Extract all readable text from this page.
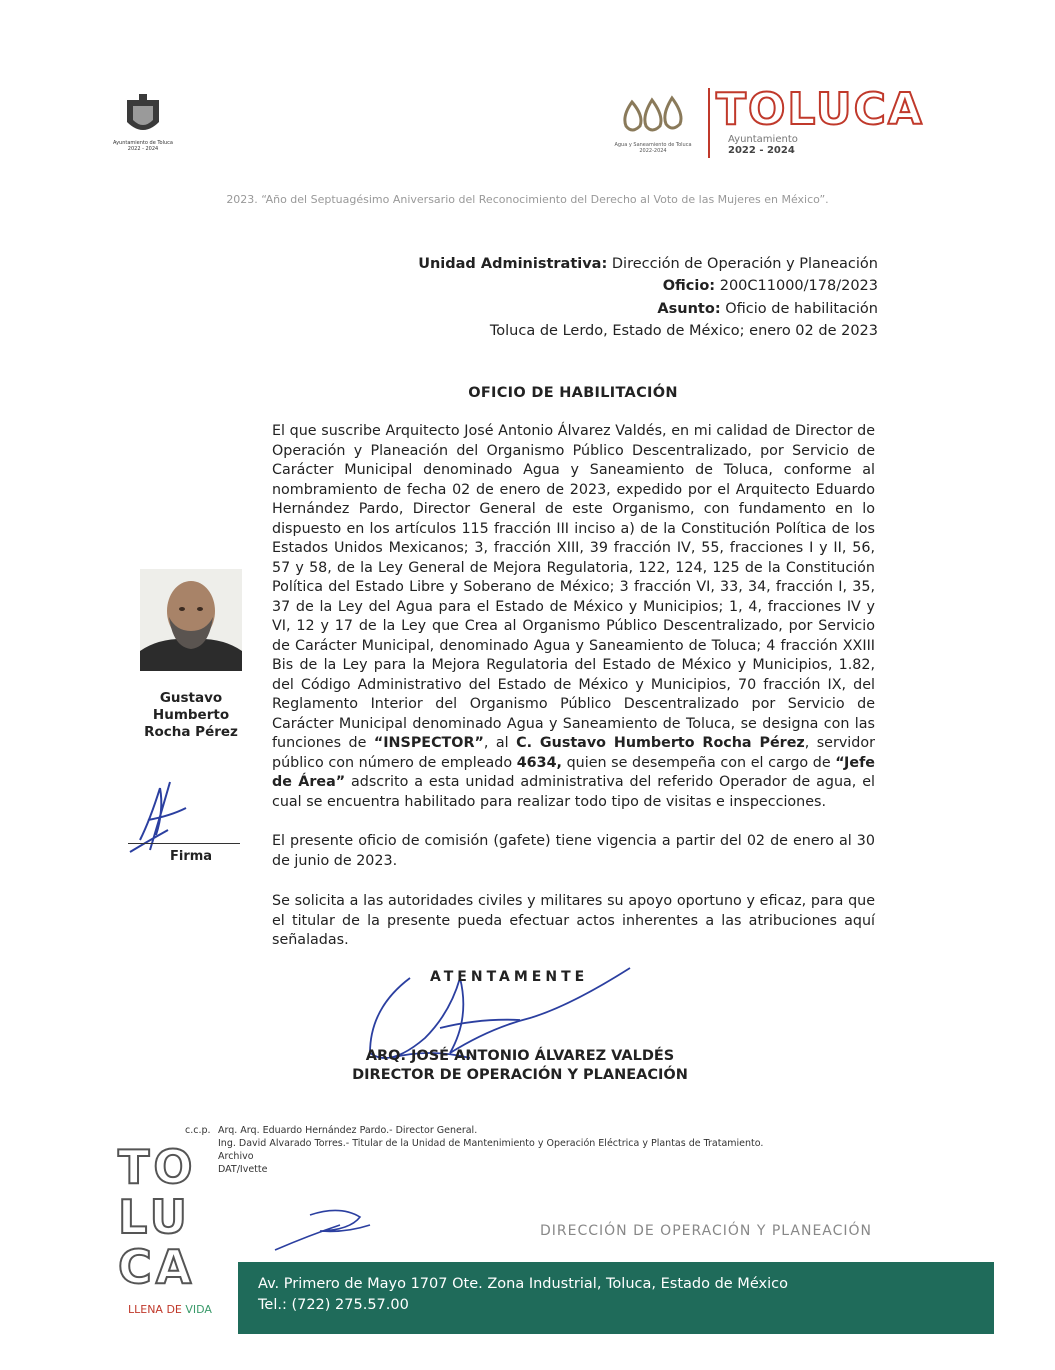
Ayuntamiento de Toluca
2022 - 2024
Agua y Saneamiento de Toluca
2022-2024
TOLUCA
Ayuntamiento
2022 - 2024
2023. “Año del Septuagésimo Aniversario del Reconocimiento del Derecho al Voto de las Mujeres en México”.
Unidad Administrativa: Dirección de Operación y Planeación
Oficio: 200C11000/178/2023
Asunto: Oficio de habilitación
Toluca de Lerdo, Estado de México; enero 02 de 2023
OFICIO DE HABILITACIÓN
El que suscribe Arquitecto José Antonio Álvarez Valdés, en mi calidad de Director de Operación y Planeación del Organismo Público Descentralizado, por Servicio de Carácter Municipal denominado Agua y Saneamiento de Toluca, conforme al nombramiento de fecha 02 de enero de 2023, expedido por el Arquitecto Eduardo Hernández Pardo, Director General de este Organismo, con fundamento en lo dispuesto en los artículos 115 fracción III inciso a) de la Constitución Política de los Estados Unidos Mexicanos; 3, fracción XIII, 39 fracción IV, 55, fracciones I y II, 56, 57 y 58, de la Ley General de Mejora Regulatoria, 122, 124, 125 de la Constitución Política del Estado Libre y Soberano de México; 3 fracción VI, 33, 34, fracción I, 35, 37 de la Ley del Agua para el Estado de México y Municipios; 1, 4, fracciones IV y VI, 12 y 17 de la Ley que Crea al Organismo Público Descentralizado, por Servicio de Carácter Municipal, denominado Agua y Saneamiento de Toluca; 4 fracción XXIII Bis de la Ley para la Mejora Regulatoria del Estado de México y Municipios, 1.82, del Código Administrativo del Estado de México y Municipios, 70 fracción IX, del Reglamento Interior del Organismo Público Descentralizado por Servicio de Carácter Municipal denominado Agua y Saneamiento de Toluca, se designa con las funciones de “INSPECTOR”, al C. Gustavo Humberto Rocha Pérez, servidor público con número de empleado 4634, quien se desempeña con el cargo de “Jefe de Área” adscrito a esta unidad administrativa del referido Operador de agua, el cual se encuentra habilitado para realizar todo tipo de visitas e inspecciones.
El presente oficio de comisión (gafete) tiene vigencia a partir del 02 de enero al 30 de junio de 2023.
Se solicita a las autoridades civiles y militares su apoyo oportuno y eficaz, para que el titular de la presente pueda efectuar actos inherentes a las atribuciones aquí señaladas.
Gustavo
Humberto
Rocha Pérez
Firma
ATENTAMENTE
ARQ. JOSÉ ANTONIO ÁLVAREZ VALDÉS
DIRECTOR DE OPERACIÓN Y PLANEACIÓN
c.c.p. Arq. Arq. Eduardo Hernández Pardo.- Director General.
Ing. David Alvarado Torres.- Titular de la Unidad de Mantenimiento y Operación Eléctrica y Plantas de Tratamiento.
Archivo
DAT/Ivette
TO
LU
CA
LLENA DE VIDA
DIRECCIÓN DE OPERACIÓN Y PLANEACIÓN
Av. Primero de Mayo 1707 Ote. Zona Industrial, Toluca, Estado de México
Tel.: (722) 275.57.00
